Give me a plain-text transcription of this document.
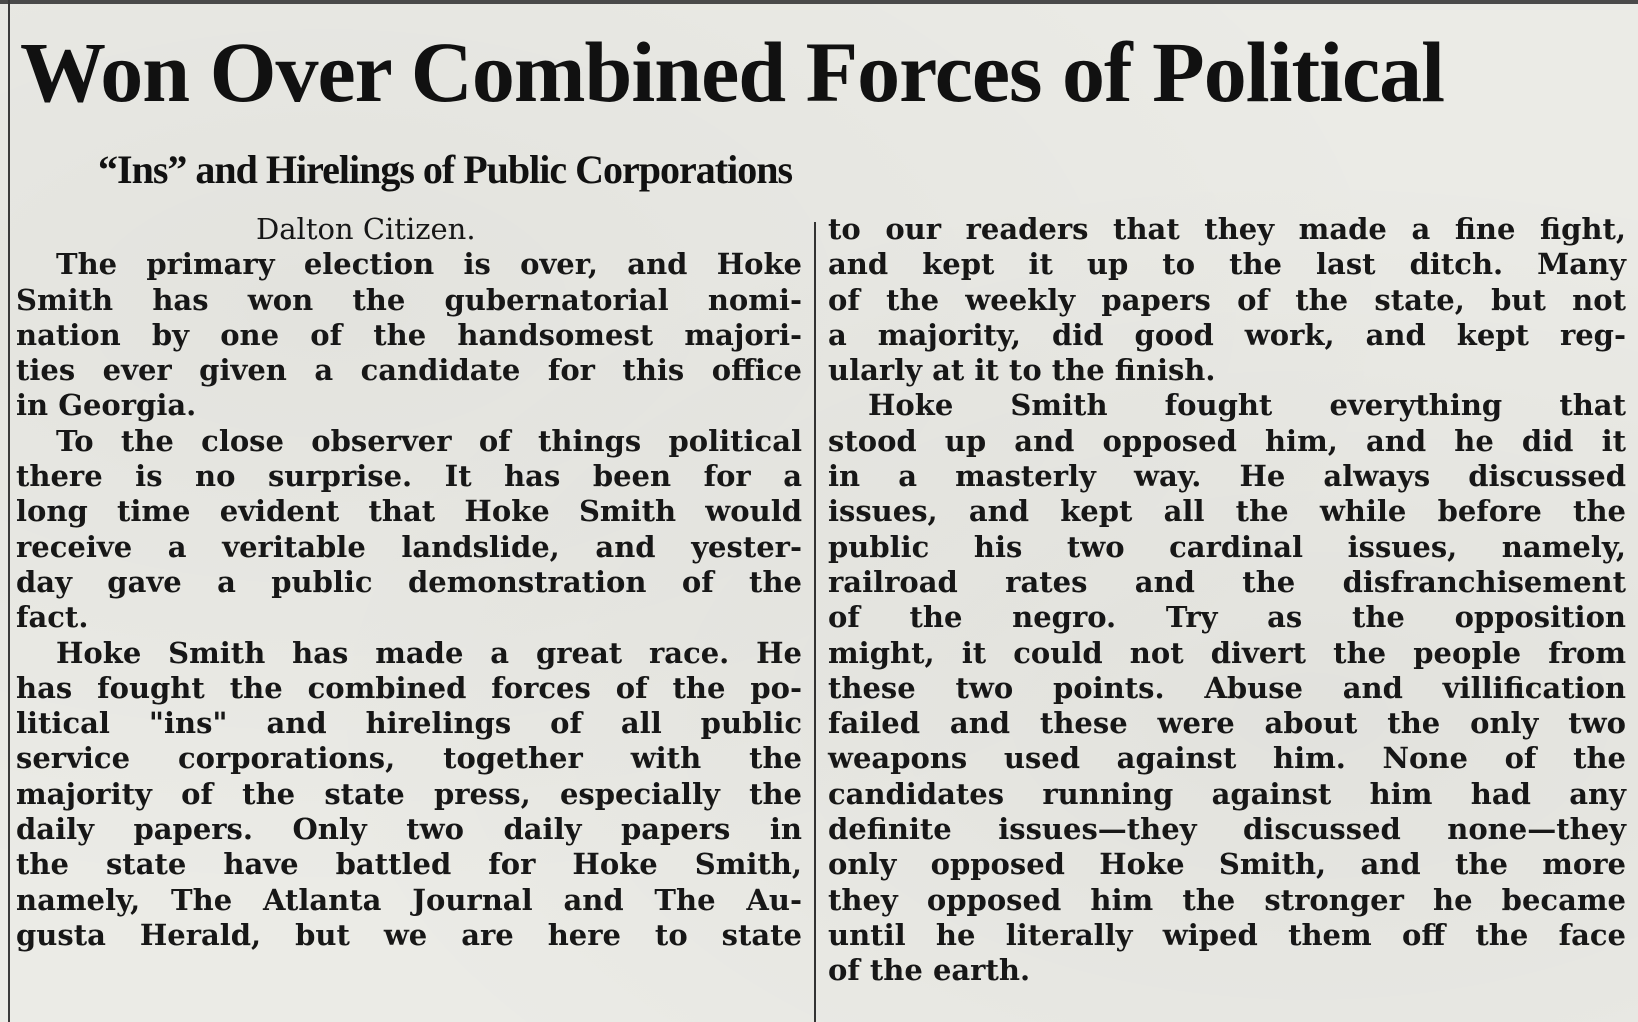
Won Over Combined Forces of Political
“Ins” and Hirelings of Public Corporations

Dalton Citizen.

The primary election is over, and Hoke

Smith has won the gubernatorial nomi-

nation by one of the handsomest majori-

ties ever given a candidate for this office

in Georgia.

To the close observer of things political

there is no surprise. It has been for a

long time evident that Hoke Smith would

receive a veritable landslide, and yester-

day gave a public demonstration of the

fact.

Hoke Smith has made a great race. He

has fought the combined forces of the po-

litical "ins" and hirelings of all public

service corporations, together with the

majority of the state press, especially the

daily papers. Only two daily papers in

the state have battled for Hoke Smith,

namely, The Atlanta Journal and The Au-

gusta Herald, but we are here to state

to our readers that they made a fine fight,

and kept it up to the last ditch. Many

of the weekly papers of the state, but not

a majority, did good work, and kept reg-

ularly at it to the finish.

Hoke Smith fought everything that

stood up and opposed him, and he did it

in a masterly way. He always discussed

issues, and kept all the while before the

public his two cardinal issues, namely,

railroad rates and the disfranchisement

of the negro. Try as the opposition

might, it could not divert the people from

these two points. Abuse and villification

failed and these were about the only two

weapons used against him. None of the

candidates running against him had any

definite issues—they discussed none—they

only opposed Hoke Smith, and the more

they opposed him the stronger he became

until he literally wiped them off the face

of the earth.
